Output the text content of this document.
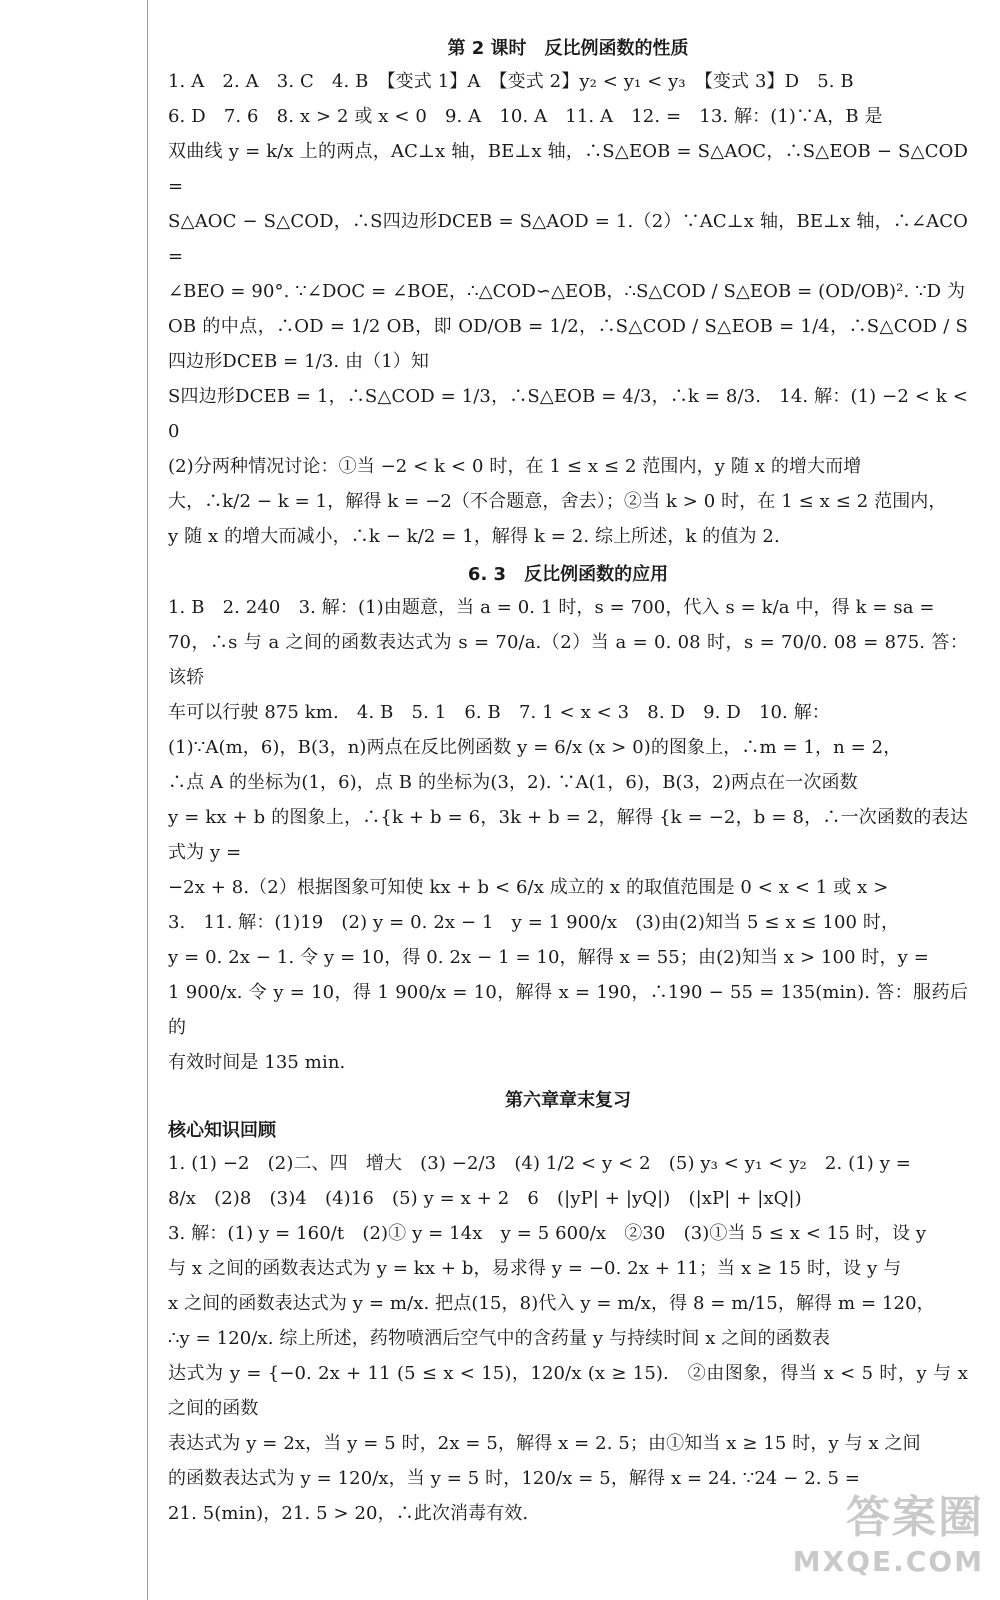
第 2 课时　反比例函数的性质

1. A　2. A　3. C　4. B　【变式 1】A　【变式 2】y₂ < y₁ < y₃　【变式 3】D　5. B

6. D　7. 6　8. x > 2 或 x < 0　9. A　10. A　11. A　12. =　13. 解：(1)∵A，B 是

双曲线 y = k/x 上的两点，AC⊥x 轴，BE⊥x 轴，∴S△EOB = S△AOC，∴S△EOB − S△COD =

S△AOC − S△COD，∴S四边形DCEB = S△AOD = 1.（2）∵AC⊥x 轴，BE⊥x 轴，∴∠ACO =

∠BEO = 90°. ∵∠DOC = ∠BOE，∴△COD∽△EOB，∴S△COD / S△EOB = (OD/OB)². ∵D 为

OB 的中点，∴OD = 1/2 OB，即 OD/OB = 1/2，∴S△COD / S△EOB = 1/4，∴S△COD / S四边形DCEB = 1/3. 由（1）知

S四边形DCEB = 1，∴S△COD = 1/3，∴S△EOB = 4/3，∴k = 8/3.　14. 解：(1) −2 < k < 0

(2)分两种情况讨论：①当 −2 < k < 0 时，在 1 ≤ x ≤ 2 范围内，y 随 x 的增大而增

大，∴k/2 − k = 1，解得 k = −2（不合题意，舍去）；②当 k > 0 时，在 1 ≤ x ≤ 2 范围内，

y 随 x 的增大而减小，∴k − k/2 = 1，解得 k = 2. 综上所述，k 的值为 2.

6. 3　反比例函数的应用

1. B　2. 240　3. 解：(1)由题意，当 a = 0. 1 时，s = 700，代入 s = k/a 中，得 k = sa =

70，∴s 与 a 之间的函数表达式为 s = 70/a.（2）当 a = 0. 08 时，s = 70/0. 08 = 875. 答：该轿

车可以行驶 875 km.　4. B　5. 1　6. B　7. 1 < x < 3　8. D　9. D　10. 解：

(1)∵A(m，6)，B(3，n)两点在反比例函数 y = 6/x (x > 0)的图象上，∴m = 1，n = 2，

∴点 A 的坐标为(1，6)，点 B 的坐标为(3，2). ∵A(1，6)，B(3，2)两点在一次函数

y = kx + b 的图象上，∴{k + b = 6，3k + b = 2，解得 {k = −2，b = 8，∴一次函数的表达式为 y =

−2x + 8.（2）根据图象可知使 kx + b < 6/x 成立的 x 的取值范围是 0 < x < 1 或 x >

3.　11. 解：(1)19　(2) y = 0. 2x − 1　y = 1 900/x　(3)由(2)知当 5 ≤ x ≤ 100 时，

y = 0. 2x − 1. 令 y = 10，得 0. 2x − 1 = 10，解得 x = 55；由(2)知当 x > 100 时，y =

1 900/x. 令 y = 10，得 1 900/x = 10，解得 x = 190，∴190 − 55 = 135(min). 答：服药后的

有效时间是 135 min.

第六章章末复习
核心知识回顾

1. (1) −2　(2)二、四　增大　(3) −2/3　(4) 1/2 < y < 2　(5) y₃ < y₁ < y₂　2. (1) y =

8/x　(2)8　(3)4　(4)16　(5) y = x + 2　6　(|yP| + |yQ|)　(|xP| + |xQ|)

3. 解：(1) y = 160/t　(2)① y = 14x　y = 5 600/x　②30　(3)①当 5 ≤ x < 15 时，设 y

与 x 之间的函数表达式为 y = kx + b，易求得 y = −0. 2x + 11；当 x ≥ 15 时，设 y 与

x 之间的函数表达式为 y = m/x. 把点(15，8)代入 y = m/x，得 8 = m/15，解得 m = 120，

∴y = 120/x. 综上所述，药物喷洒后空气中的含药量 y 与持续时间 x 之间的函数表

达式为 y = {−0. 2x + 11 (5 ≤ x < 15)，120/x (x ≥ 15).　②由图象，得当 x < 5 时，y 与 x 之间的函数

表达式为 y = 2x，当 y = 5 时，2x = 5，解得 x = 2. 5；由①知当 x ≥ 15 时，y 与 x 之间

的函数表达式为 y = 120/x，当 y = 5 时，120/x = 5，解得 x = 24. ∵24 − 2. 5 =

21. 5(min)，21. 5 > 20，∴此次消毒有效.	答案圈
MXQE.COM
